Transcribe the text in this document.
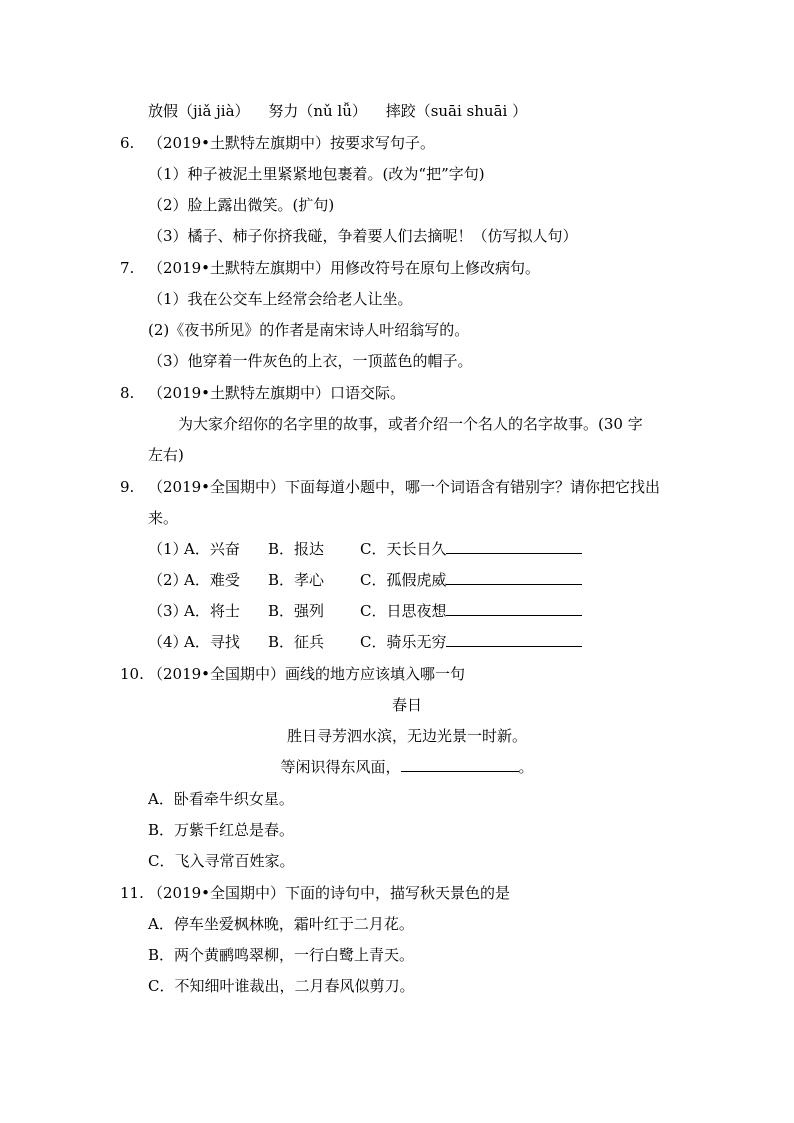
放假（jiǎ jià） 努力（nǔ lǚ） 摔跤（suāi shuāi ）
6. （2019•土默特左旗期中）按要求写句子。
（1）种子被泥土里紧紧地包裹着。(改为“把”字句)
（2）脸上露出微笑。(扩句)
（3）橘子、柿子你挤我碰，争着要人们去摘呢！（仿写拟人句）
7. （2019•土默特左旗期中）用修改符号在原句上修改病句。
（1）我在公交车上经常会给老人让坐。
(2)《夜书所见》的作者是南宋诗人叶绍翁写的。
（3）他穿着一件灰色的上衣，一顶蓝色的帽子。
8. （2019•土默特左旗期中）口语交际。
为大家介绍你的名字里的故事，或者介绍一个名人的名字故事。(30 字
左右)
9. （2019•全国期中）下面每道小题中，哪一个词语含有错别字？请你把它找出
来。
（1）
A．兴奋 B．报达 C．天长日久
（2）
A．难受 B．孝心 C．孤假虎威
（3）
A．将士 B．强列 C．日思夜想
（4）
A．寻找 B．征兵 C．骑乐无穷
10. （2019•全国期中）画线的地方应该填入哪一句
春日
胜日寻芳泗水滨，无边光景一时新。
等闲识得东风面，	。
A．卧看牵牛织女星。
B．万紫千红总是春。
C．飞入寻常百姓家。
11. （2019•全国期中）下面的诗句中，描写秋天景色的是
A．停车坐爱枫林晚，霜叶红于二月花。
B．两个黄鹂鸣翠柳，一行白鹭上青天。
C．不知细叶谁裁出，二月春风似剪刀。
